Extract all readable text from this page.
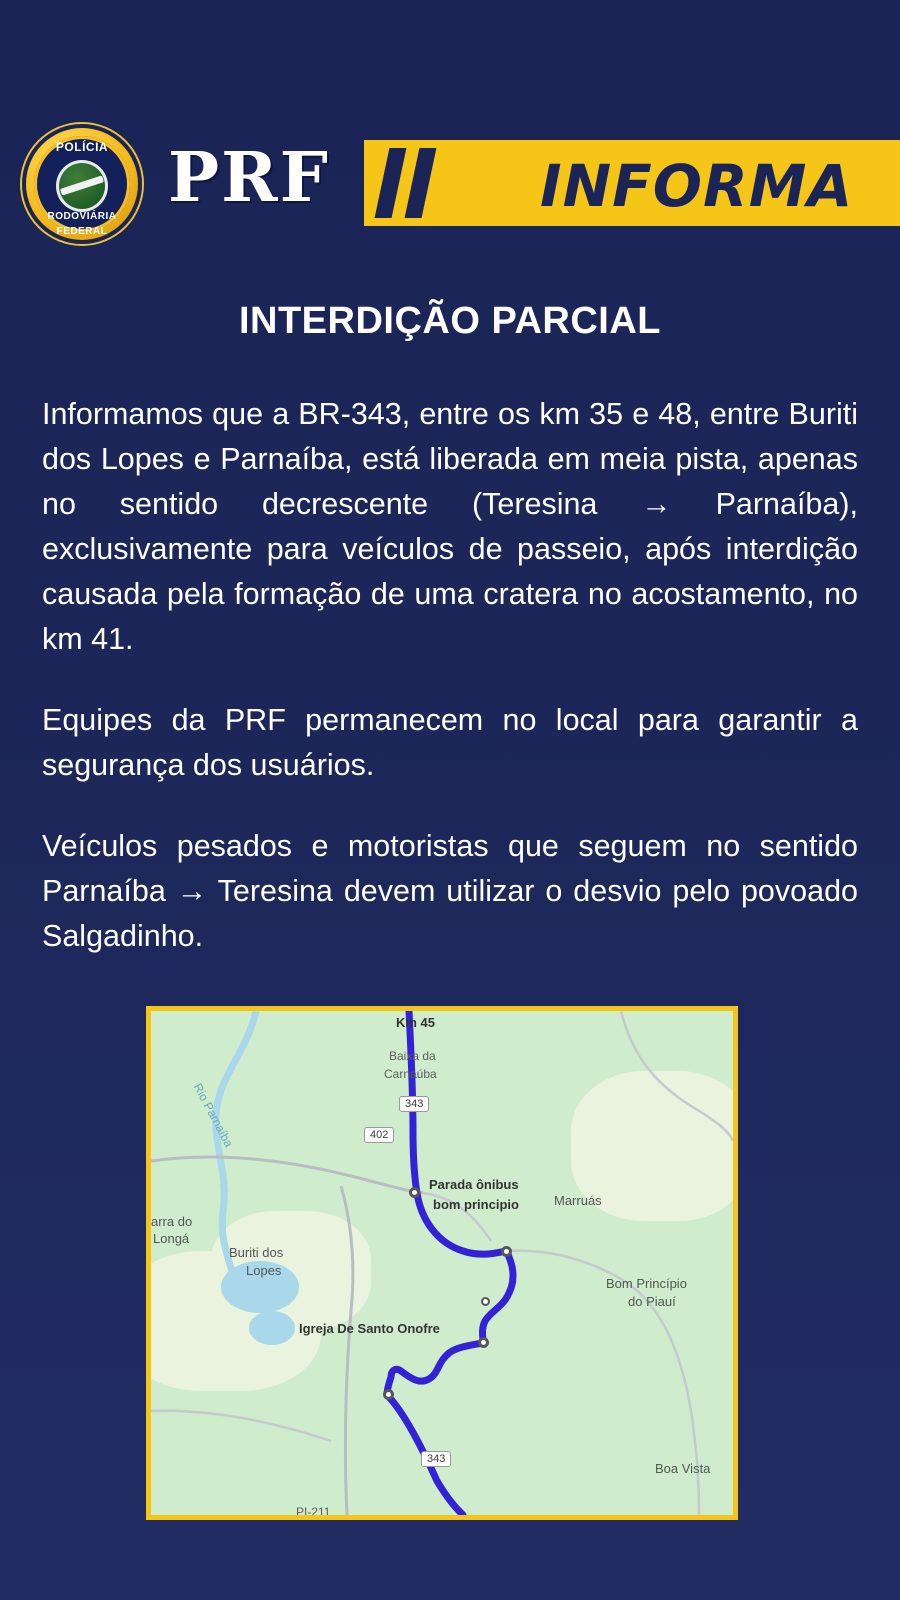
POLÍCIA
RODOVIÁRIA
FEDERAL
PRF	INFORMA
INTERDIÇÃO PARCIAL

Informamos que a BR-343, entre os km 35 e 48, entre Buriti dos Lopes e Parnaíba, está liberada em meia pista, apenas no sentido decrescente (Teresina → Parnaíba), exclusivamente para veículos de passeio, após interdição causada pela formação de uma cratera no acostamento, no km 41.

Equipes da PRF permanecem no local para garantir a segurança dos usuários.

Veículos pesados e motoristas que seguem no sentido Parnaíba → Teresina devem utilizar o desvio pelo povoado Salgadinho.

Km 45
Baixa da
Carnaúba
Rio Parnaíba
Parada ônibus
bom principio	Marruás
arra do
Longá
Buriti dos
Lopes
Bom Princípio
do Piauí
Igreja De Santo Onofre
Boa Vista
PI-211
343
402
343
